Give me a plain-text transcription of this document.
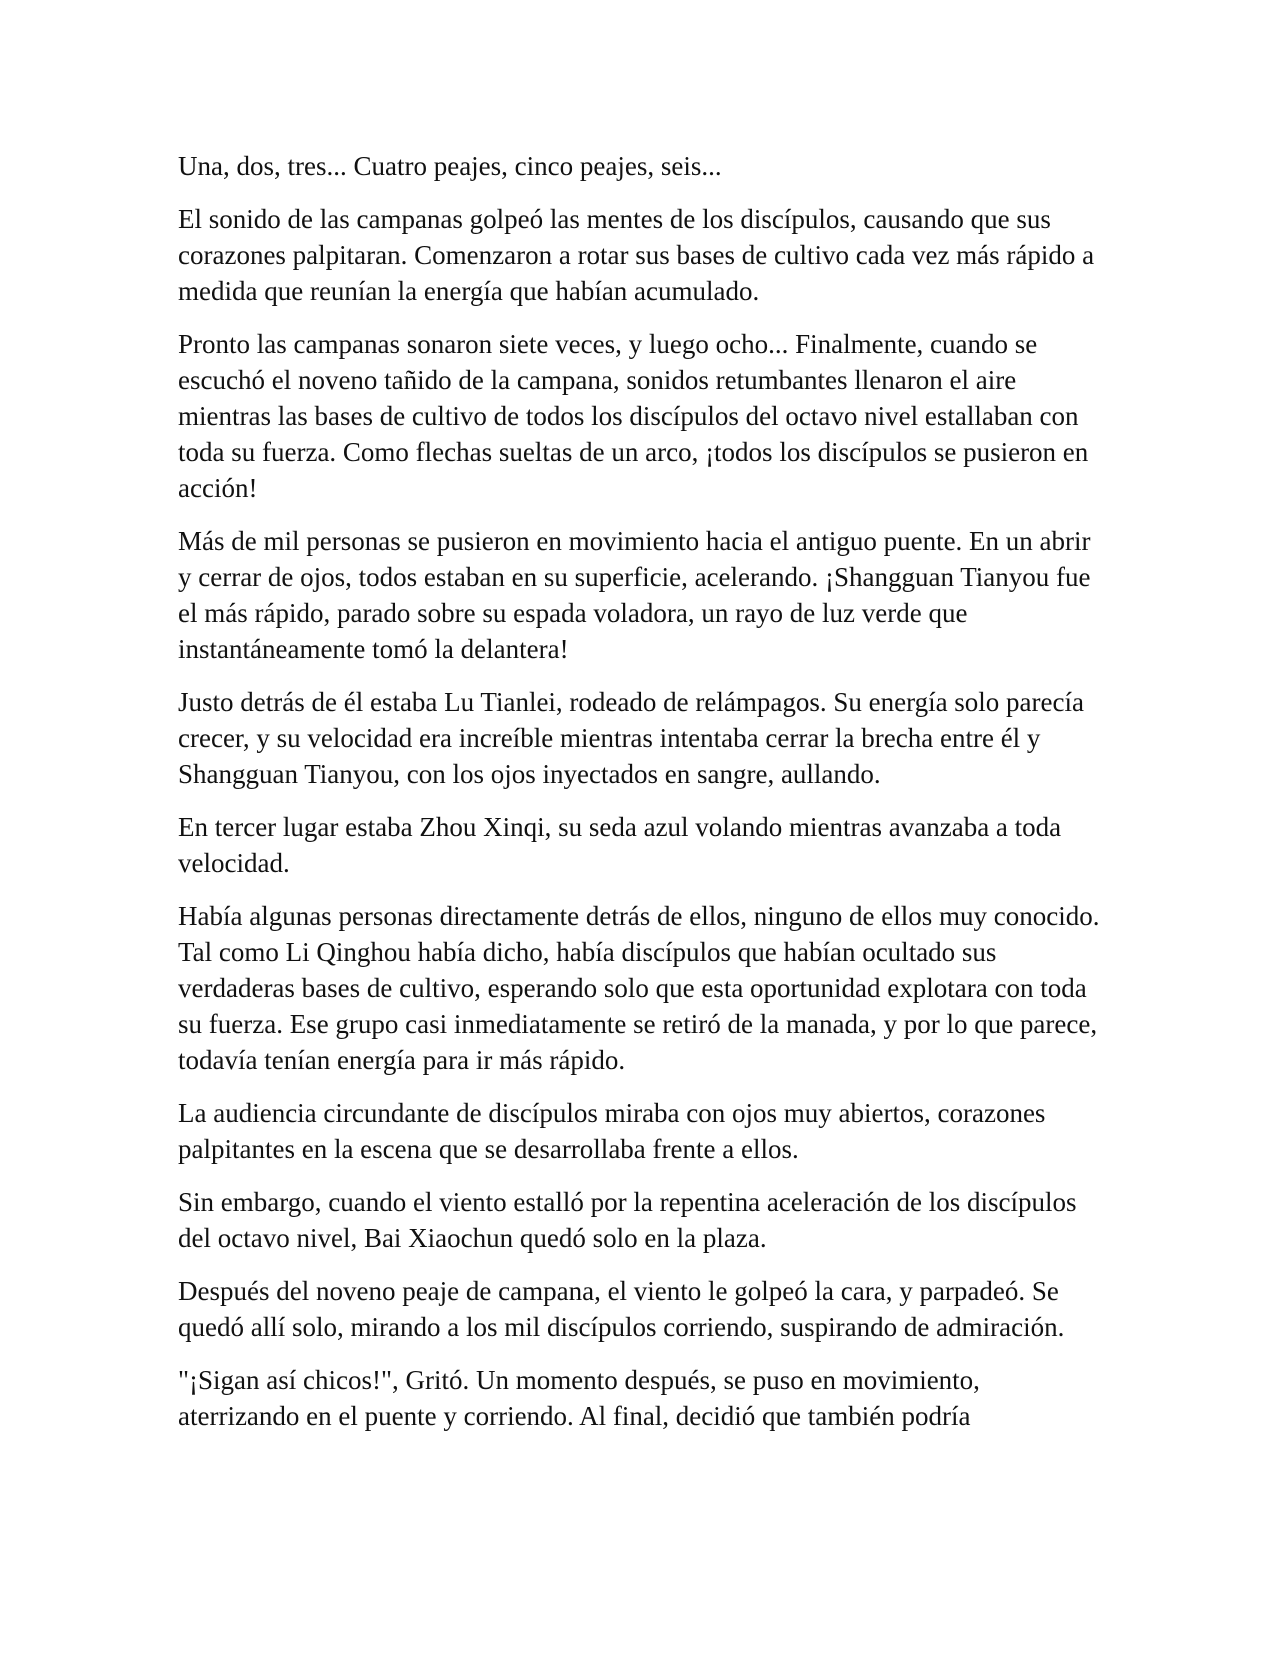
Una, dos, tres... Cuatro peajes, cinco peajes, seis...

El sonido de las campanas golpeó las mentes de los discípulos, causando que sus corazones palpitaran. Comenzaron a rotar sus bases de cultivo cada vez más rápido a medida que reunían la energía que habían acumulado.

Pronto las campanas sonaron siete veces, y luego ocho... Finalmente, cuando se escuchó el noveno tañido de la campana, sonidos retumbantes llenaron el aire mientras las bases de cultivo de todos los discípulos del octavo nivel estallaban con toda su fuerza. Como flechas sueltas de un arco, ¡todos los discípulos se pusieron en acción!

Más de mil personas se pusieron en movimiento hacia el antiguo puente. En un abrir y cerrar de ojos, todos estaban en su superficie, acelerando. ¡Shangguan Tianyou fue el más rápido, parado sobre su espada voladora, un rayo de luz verde que instantáneamente tomó la delantera!

Justo detrás de él estaba Lu Tianlei, rodeado de relámpagos. Su energía solo parecía crecer, y su velocidad era increíble mientras intentaba cerrar la brecha entre él y Shangguan Tianyou, con los ojos inyectados en sangre, aullando.

En tercer lugar estaba Zhou Xinqi, su seda azul volando mientras avanzaba a toda velocidad.

Había algunas personas directamente detrás de ellos, ninguno de ellos muy conocido. Tal como Li Qinghou había dicho, había discípulos que habían ocultado sus verdaderas bases de cultivo, esperando solo que esta oportunidad explotara con toda su fuerza. Ese grupo casi inmediatamente se retiró de la manada, y por lo que parece, todavía tenían energía para ir más rápido.

La audiencia circundante de discípulos miraba con ojos muy abiertos, corazones palpitantes en la escena que se desarrollaba frente a ellos.

Sin embargo, cuando el viento estalló por la repentina aceleración de los discípulos del octavo nivel, Bai Xiaochun quedó solo en la plaza.

Después del noveno peaje de campana, el viento le golpeó la cara, y parpadeó. Se quedó allí solo, mirando a los mil discípulos corriendo, suspirando de admiración.

"¡Sigan así chicos!", Gritó. Un momento después, se puso en movimiento, aterrizando en el puente y corriendo. Al final, decidió que también podría
